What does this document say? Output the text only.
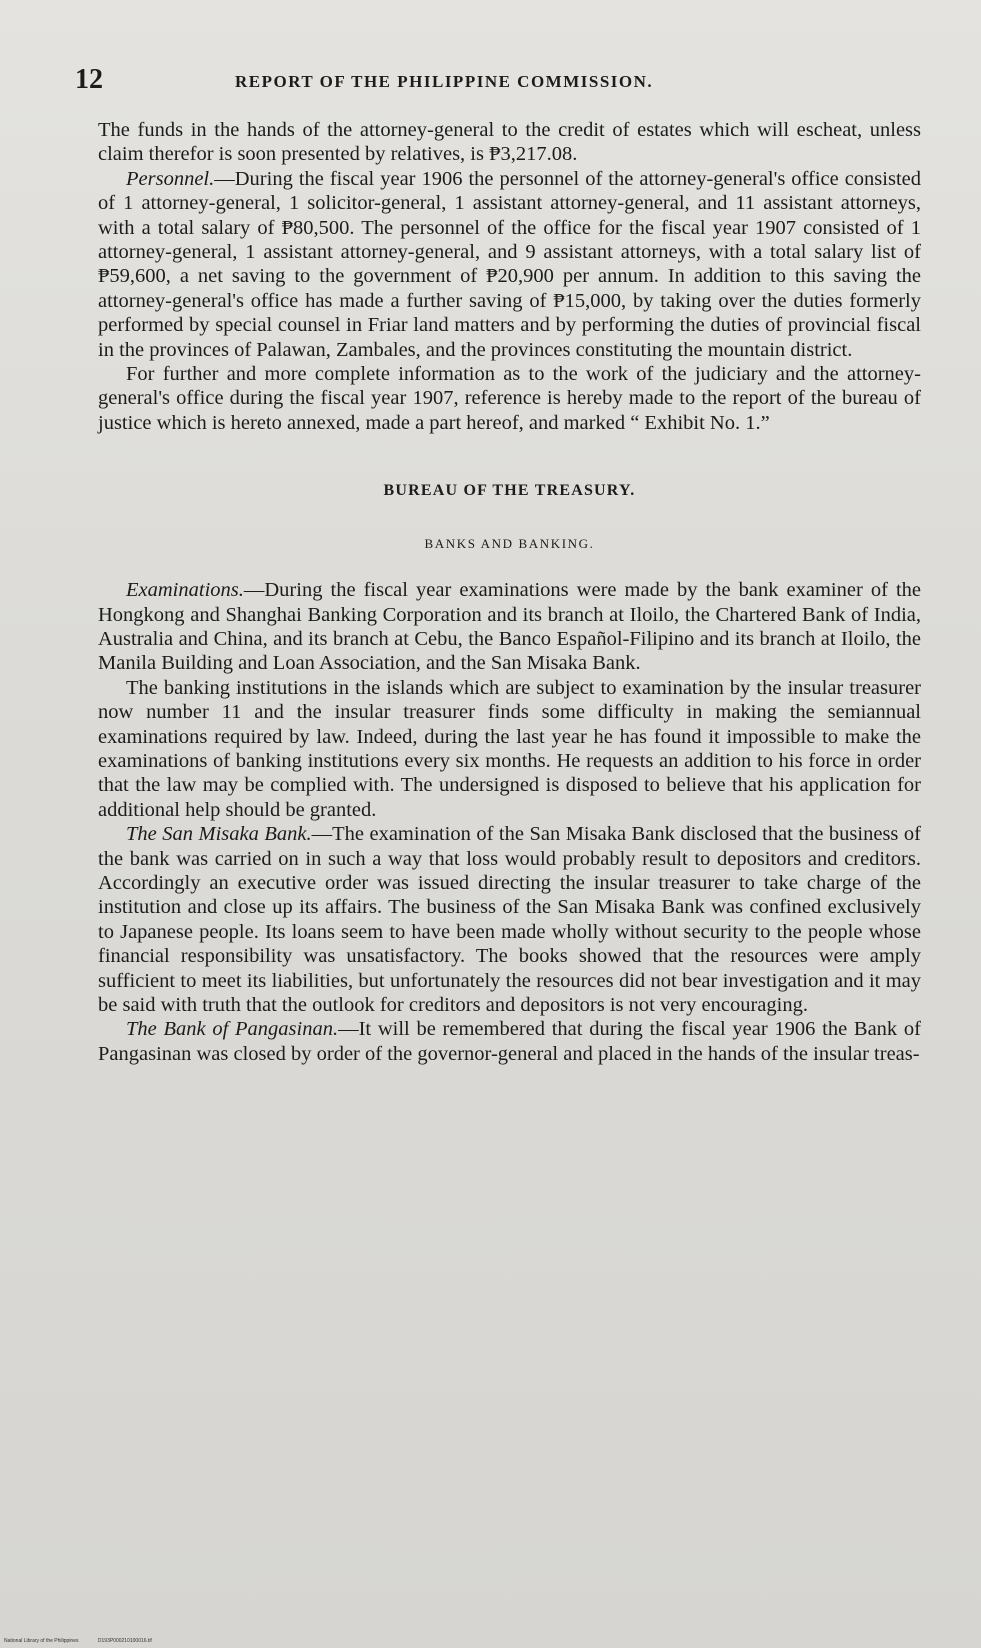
12	REPORT OF THE PHILIPPINE COMMISSION.

The funds in the hands of the attorney-general to the credit of estates which will escheat, unless claim therefor is soon presented by relatives, is ₱3,217.08.

Personnel.—During the fiscal year 1906 the personnel of the attorney-general's office consisted of 1 attorney-general, 1 solicitor-general, 1 assistant attorney-general, and 11 assistant attorneys, with a total salary of ₱80,500. The personnel of the office for the fiscal year 1907 consisted of 1 attorney-general, 1 assistant attorney-general, and 9 assistant attorneys, with a total salary list of ₱59,600, a net saving to the government of ₱20,900 per annum. In addition to this saving the attorney-general's office has made a further saving of ₱15,000, by taking over the duties formerly performed by special counsel in Friar land matters and by performing the duties of provincial fiscal in the provinces of Palawan, Zambales, and the provinces constituting the mountain district.

For further and more complete information as to the work of the judiciary and the attorney-general's office during the fiscal year 1907, reference is hereby made to the report of the bureau of justice which is hereto annexed, made a part hereof, and marked “ Exhibit No. 1.”

BUREAU OF THE TREASURY.
BANKS AND BANKING.

Examinations.—During the fiscal year examinations were made by the bank examiner of the Hongkong and Shanghai Banking Corporation and its branch at Iloilo, the Chartered Bank of India, Australia and China, and its branch at Cebu, the Banco Español-Filipino and its branch at Iloilo, the Manila Building and Loan Association, and the San Misaka Bank.

The banking institutions in the islands which are subject to examination by the insular treasurer now number 11 and the insular treasurer finds some difficulty in making the semiannual examinations required by law. Indeed, during the last year he has found it impossible to make the examinations of banking institutions every six months. He requests an addition to his force in order that the law may be complied with. The undersigned is disposed to believe that his application for additional help should be granted.

The San Misaka Bank.—The examination of the San Misaka Bank disclosed that the business of the bank was carried on in such a way that loss would probably result to depositors and creditors. Accordingly an executive order was issued directing the insular treasurer to take charge of the institution and close up its affairs. The business of the San Misaka Bank was confined exclusively to Japanese people. Its loans seem to have been made wholly without security to the people whose financial responsibility was unsatisfactory. The books showed that the resources were amply sufficient to meet its liabilities, but unfortunately the resources did not bear investigation and it may be said with truth that the outlook for creditors and depositors is not very encouraging.

The Bank of Pangasinan.—It will be remembered that during the fiscal year 1906 the Bank of Pangasinan was closed by order of the governor-general and placed in the hands of the insular treas-

National Library of the Philippines	D193P000210100016.tif
